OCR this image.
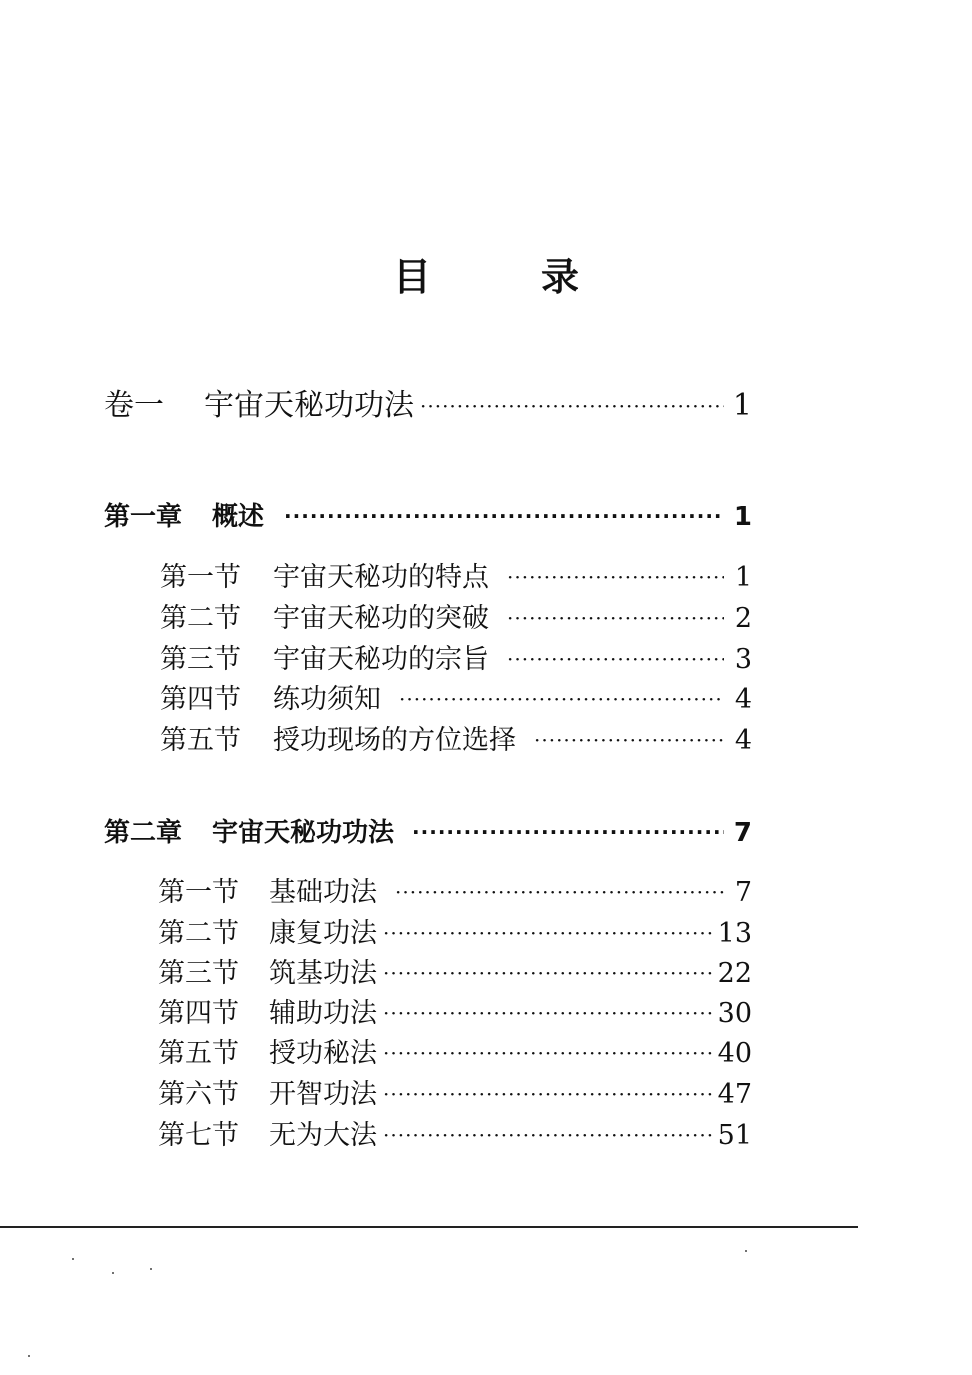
目	录
卷一 宇宙天秘功功法 ·····	1
第一章 概述 ·····	1
第一节 宇宙天秘功的特点 ·····	1
第二节 宇宙天秘功的突破 ·····	2
第三节 宇宙天秘功的宗旨 ·····	3
第四节 练功须知 ·····	4
第五节 授功现场的方位选择 ·····	4
第二章 宇宙天秘功功法 ·····	7
第一节 基础功法 ·····	7
第二节 康复功法 ·····	13
第三节 筑基功法 ·····	22
第四节 辅助功法 ·····	30
第五节 授功秘法 ·····	40
第六节 开智功法 ·····	47
第七节 无为大法 ·····	51
